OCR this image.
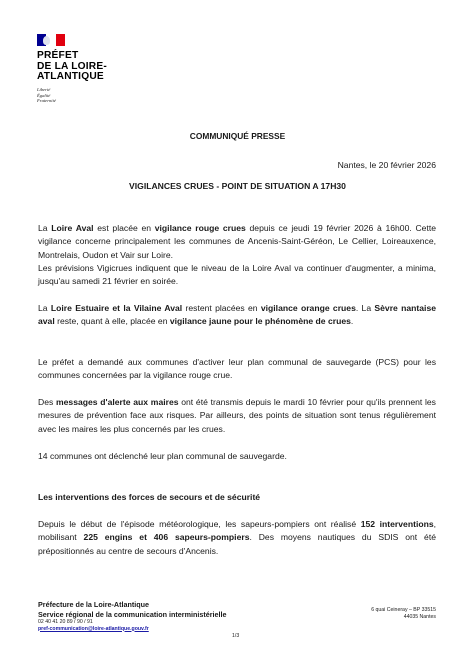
PRÉFET
DE LA LOIRE-
ATLANTIQUE
Liberté
Égalité
Fraternité
COMMUNIQUÉ PRESSE
Nantes, le 20 février 2026
VIGILANCES CRUES - POINT DE SITUATION A 17H30
La Loire Aval est placée en vigilance rouge crues depuis ce jeudi 19 février 2026 à 16h00. Cette vigilance concerne principalement les communes de Ancenis-Saint-Géréon, Le Cellier, Loireauxence, Montrelais, Oudon et Vair sur Loire.
Les prévisions Vigicrues indiquent que le niveau de la Loire Aval va continuer d'augmenter, a minima, jusqu'au samedi 21 février en soirée.
La Loire Estuaire et la Vilaine Aval restent placées en vigilance orange crues. La Sèvre nantaise aval reste, quant à elle, placée en vigilance jaune pour le phénomène de crues.
Le préfet a demandé aux communes d'activer leur plan communal de sauvegarde (PCS) pour les communes concernées par la vigilance rouge crue.
Des messages d'alerte aux maires ont été transmis depuis le mardi 10 février pour qu'ils prennent les mesures de prévention face aux risques. Par ailleurs, des points de situation sont tenus régulièrement avec les maires les plus concernés par les crues.
14 communes ont déclenché leur plan communal de sauvegarde.
Les interventions des forces de secours et de sécurité
Depuis le début de l'épisode météorologique, les sapeurs-pompiers ont réalisé 152 interventions, mobilisant 225 engins et 406 sapeurs-pompiers. Des moyens nautiques du SDIS ont été prépositionnés au centre de secours d'Ancenis.
Préfecture de la Loire-Atlantique
Service régional de la communication interministérielle
02 40 41 20 89 / 90 / 91
pref-communication@loire-atlantique.gouv.fr
6 quai Ceineray – BP 33515
44035 Nantes
1/3
